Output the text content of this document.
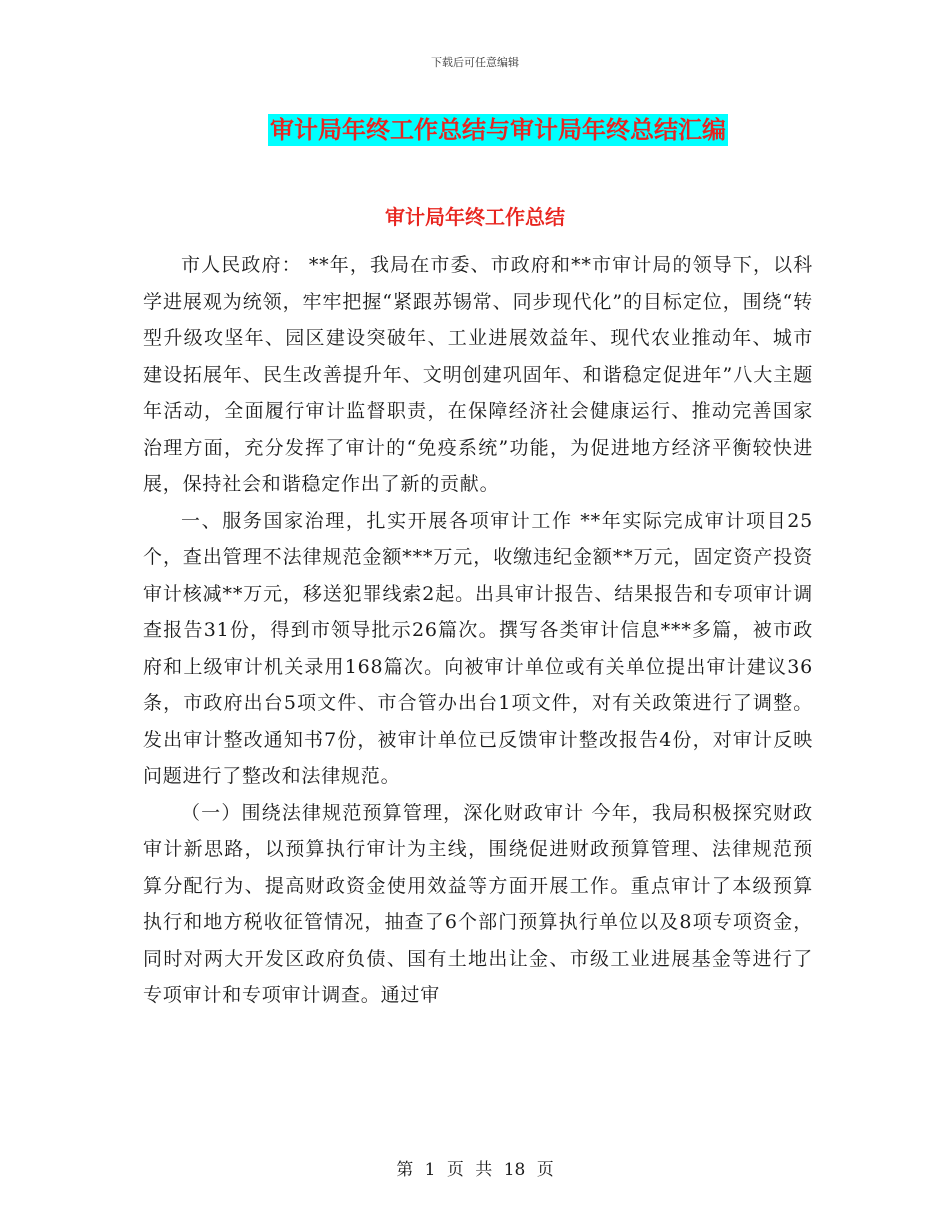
下载后可任意编辑
审计局年终工作总结与审计局年终总结汇编
审计局年终工作总结

市人民政府： **年，我局在市委、市政府和**市审计局的领导下，以科学进展观为统领，牢牢把握“紧跟苏锡常、同步现代化”的目标定位，围绕“转型升级攻坚年、园区建设突破年、工业进展效益年、现代农业推动年、城市建设拓展年、民生改善提升年、文明创建巩固年、和谐稳定促进年”八大主题年活动，全面履行审计监督职责，在保障经济社会健康运行、推动完善国家治理方面，充分发挥了审计的“免疫系统”功能，为促进地方经济平衡较快进展，保持社会和谐稳定作出了新的贡献。

一、服务国家治理，扎实开展各项审计工作 **年实际完成审计项目25个，查出管理不法律规范金额***万元，收缴违纪金额**万元，固定资产投资审计核减**万元，移送犯罪线索2起。出具审计报告、结果报告和专项审计调查报告31份，得到市领导批示26篇次。撰写各类审计信息***多篇，被市政府和上级审计机关录用168篇次。向被审计单位或有关单位提出审计建议36条，市政府出台5项文件、市合管办出台1项文件，对有关政策进行了调整。发出审计整改通知书7份，被审计单位已反馈审计整改报告4份，对审计反映问题进行了整改和法律规范。

（一）围绕法律规范预算管理，深化财政审计 今年，我局积极探究财政审计新思路，以预算执行审计为主线，围绕促进财政预算管理、法律规范预算分配行为、提高财政资金使用效益等方面开展工作。重点审计了本级预算执行和地方税收征管情况，抽查了6个部门预算执行单位以及8项专项资金，同时对两大开发区政府负债、国有土地出让金、市级工业进展基金等进行了专项审计和专项审计调查。通过审

第 1 页 共 18 页
